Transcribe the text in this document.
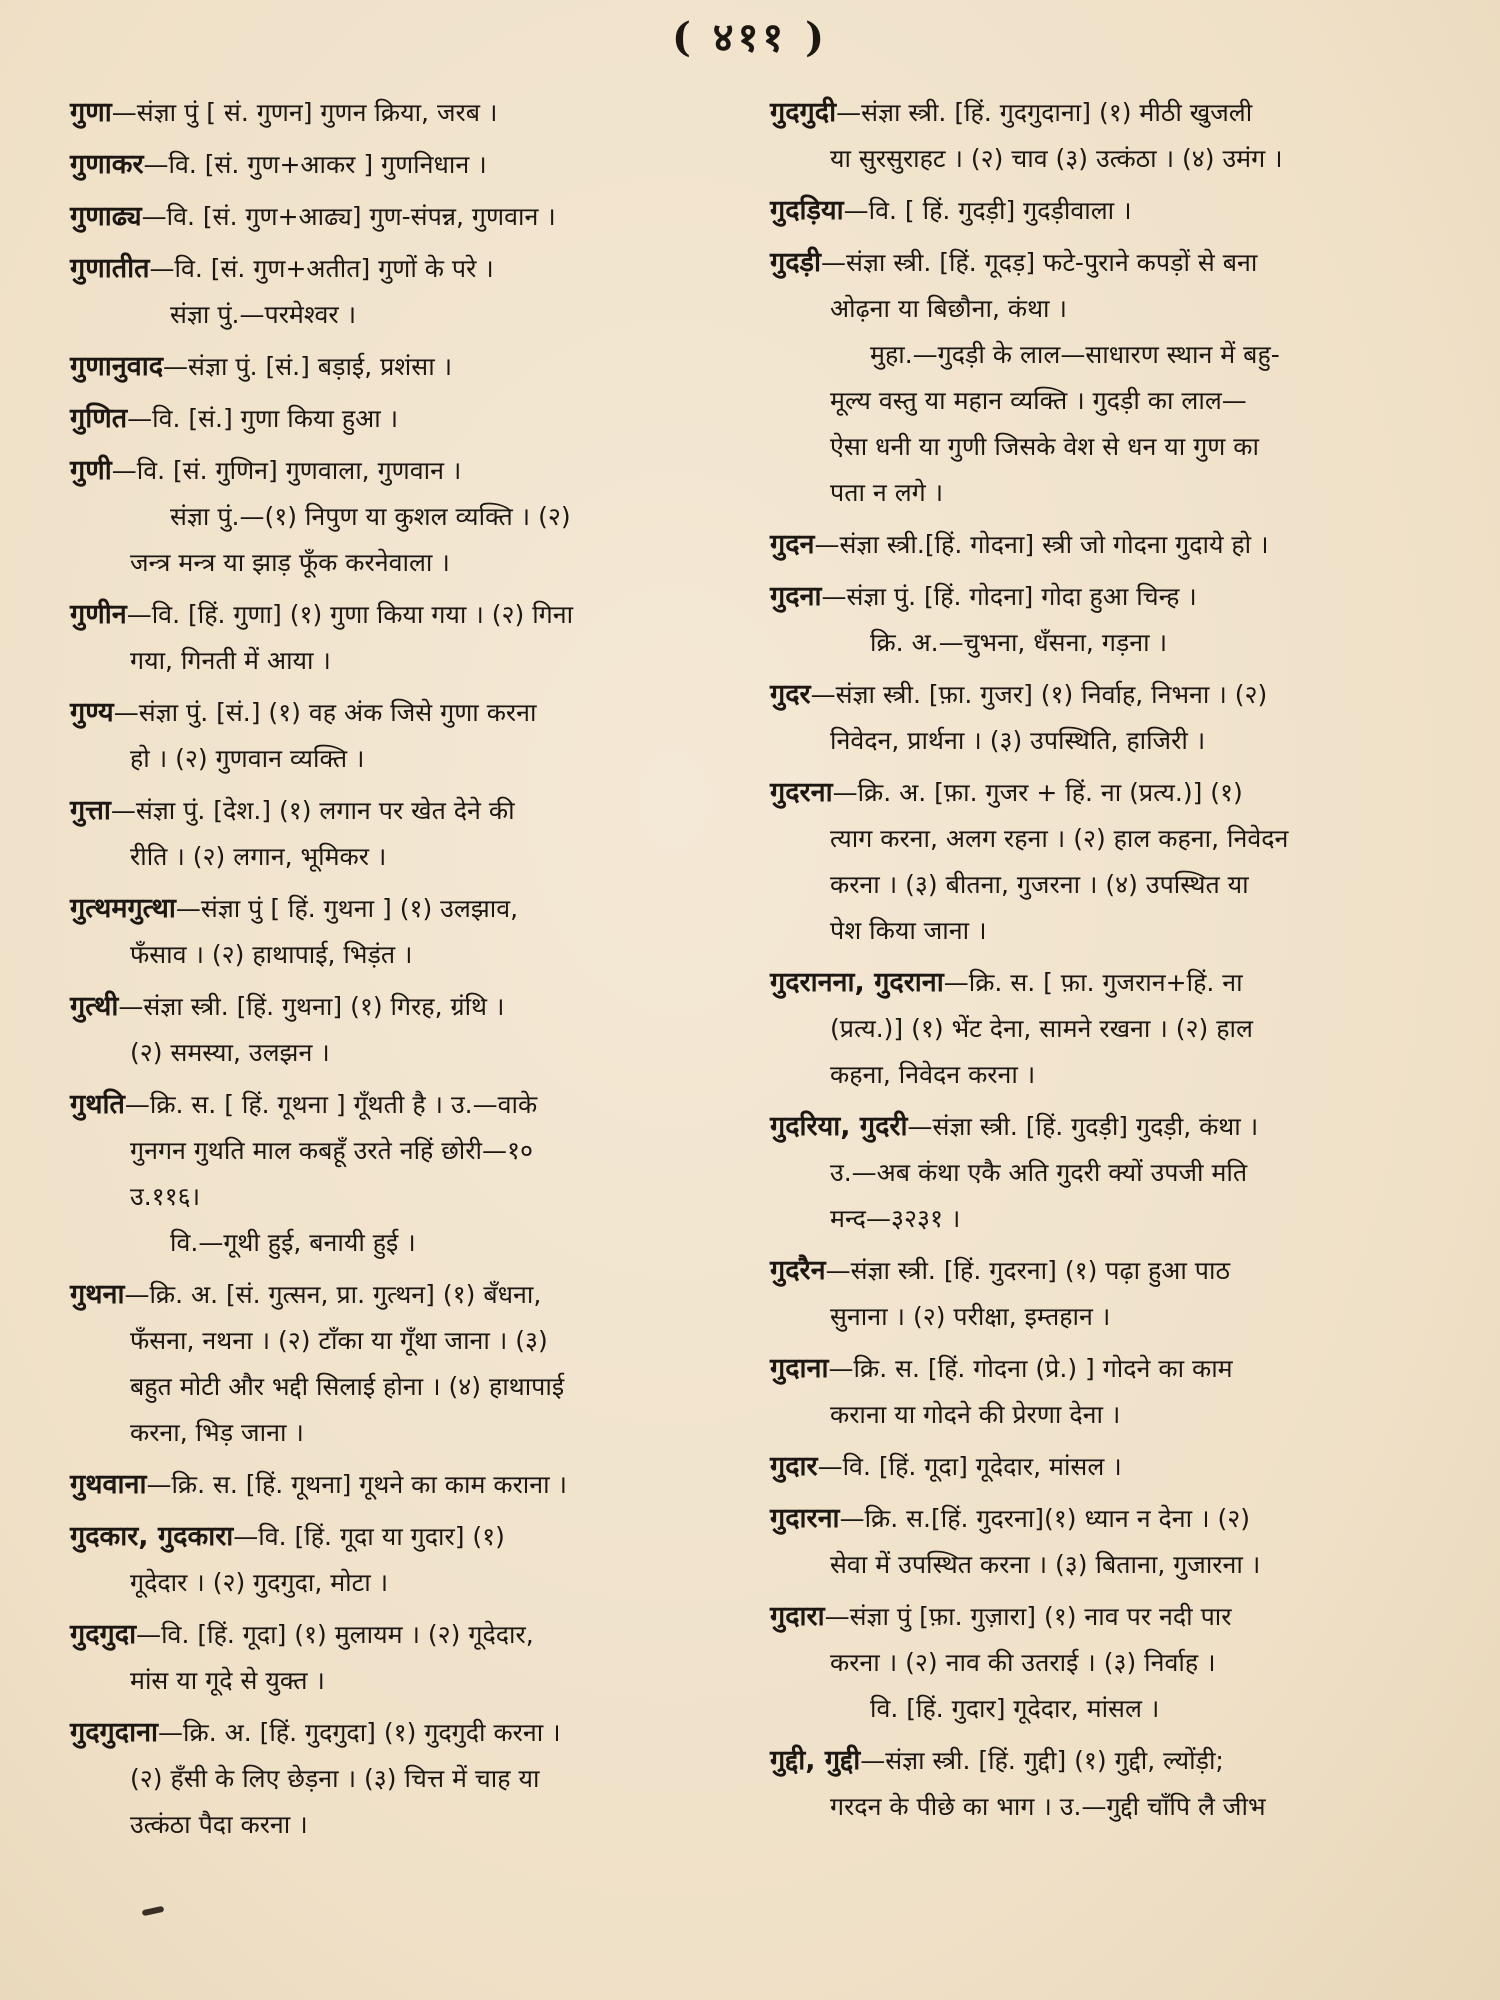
( ४११ )

गुणा—संज्ञा पुं [ सं. गुणन] गुणन क्रिया, जरब ।

गुणाकर—वि. [सं. गुण+आकर ] गुणनिधान ।

गुणाढ्य—वि. [सं. गुण+आढ्य] गुण-संपन्न, गुणवान ।

गुणातीत—वि. [सं. गुण+अतीत] गुणों के परे ।

संज्ञा पुं.—परमेश्वर ।

गुणानुवाद—संज्ञा पुं. [सं.] बड़ाई, प्रशंसा ।

गुणित—वि. [सं.] गुणा किया हुआ ।

गुणी—वि. [सं. गुणिन] गुणवाला, गुणवान ।

संज्ञा पुं.—(१) निपुण या कुशल व्यक्ति । (२)

जन्त्र मन्त्र या झाड़ फूँक करनेवाला ।

गुणीन—वि. [हिं. गुणा] (१) गुणा किया गया । (२) गिना

गया, गिनती में आया ।

गुण्य—संज्ञा पुं. [सं.] (१) वह अंक जिसे गुणा करना

हो । (२) गुणवान व्यक्ति ।

गुत्ता—संज्ञा पुं. [देश.] (१) लगान पर खेत देने की

रीति । (२) लगान, भूमिकर ।

गुत्थमगुत्था—संज्ञा पुं [ हिं. गुथना ] (१) उलझाव,

फँसाव । (२) हाथापाई, भिड़ंत ।

गुत्थी—संज्ञा स्त्री. [हिं. गुथना] (१) गिरह, ग्रंथि ।

(२) समस्या, उलझन ।

गुथति—क्रि. स. [ हिं. गूथना ] गूँथती है । उ.—वाके

गुनगन गुथति माल कबहूँ उरते नहिं छोरी—१०

उ.११६।

वि.—गूथी हुई, बनायी हुई ।

गुथना—क्रि. अ. [सं. गुत्सन, प्रा. गुत्थन] (१) बँधना,

फँसना, नथना । (२) टाँका या गूँथा जाना । (३)

बहुत मोटी और भद्दी सिलाई होना । (४) हाथापाई

करना, भिड़ जाना ।

गुथवाना—क्रि. स. [हिं. गूथना] गूथने का काम कराना ।

गुदकार, गुदकारा—वि. [हिं. गूदा या गुदार] (१)

गूदेदार । (२) गुदगुदा, मोटा ।

गुदगुदा—वि. [हिं. गूदा] (१) मुलायम । (२) गूदेदार,

मांस या गूदे से युक्त ।

गुदगुदाना—क्रि. अ. [हिं. गुदगुदा] (१) गुदगुदी करना ।

(२) हँसी के लिए छेड़ना । (३) चित्त में चाह या

उत्कंठा पैदा करना ।

गुदगुदी—संज्ञा स्त्री. [हिं. गुदगुदाना] (१) मीठी खुजली

या सुरसुराहट । (२) चाव (३) उत्कंठा । (४) उमंग ।

गुदड़िया—वि. [ हिं. गुदड़ी] गुदड़ीवाला ।

गुदड़ी—संज्ञा स्त्री. [हिं. गूदड़] फटे-पुराने कपड़ों से बना

ओढ़ना या बिछौना, कंथा ।

मुहा.—गुदड़ी के लाल—साधारण स्थान में बहु-

मूल्य वस्तु या महान व्यक्ति । गुदड़ी का लाल—

ऐसा धनी या गुणी जिसके वेश से धन या गुण का

पता न लगे ।

गुदन—संज्ञा स्त्री.[हिं. गोदना] स्त्री जो गोदना गुदाये हो ।

गुदना—संज्ञा पुं. [हिं. गोदना] गोदा हुआ चिन्ह ।

क्रि. अ.—चुभना, धँसना, गड़ना ।

गुदर—संज्ञा स्त्री. [फ़ा. गुजर] (१) निर्वाह, निभना । (२)

निवेदन, प्रार्थना । (३) उपस्थिति, हाजिरी ।

गुदरना—क्रि. अ. [फ़ा. गुजर + हिं. ना (प्रत्य.)] (१)

त्याग करना, अलग रहना । (२) हाल कहना, निवेदन

करना । (३) बीतना, गुजरना । (४) उपस्थित या

पेश किया जाना ।

गुदरानना, गुदराना—क्रि. स. [ फ़ा. गुजरान+हिं. ना

(प्रत्य.)] (१) भेंट देना, सामने रखना । (२) हाल

कहना, निवेदन करना ।

गुदरिया, गुदरी—संज्ञा स्त्री. [हिं. गुदड़ी] गुदड़ी, कंथा ।

उ.—अब कंथा एकै अति गुदरी क्यों उपजी मति

मन्द—३२३१ ।

गुदरैन—संज्ञा स्त्री. [हिं. गुदरना] (१) पढ़ा हुआ पाठ

सुनाना । (२) परीक्षा, इम्तहान ।

गुदाना—क्रि. स. [हिं. गोदना (प्रे.) ] गोदने का काम

कराना या गोदने की प्रेरणा देना ।

गुदार—वि. [हिं. गूदा] गूदेदार, मांसल ।

गुदारना—क्रि. स.[हिं. गुदरना](१) ध्यान न देना । (२)

सेवा में उपस्थित करना । (३) बिताना, गुजारना ।

गुदारा—संज्ञा पुं [फ़ा. गुज़ारा] (१) नाव पर नदी पार

करना । (२) नाव की उतराई । (३) निर्वाह ।

वि. [हिं. गुदार] गूदेदार, मांसल ।

गुद्दी, गुद्दी—संज्ञा स्त्री. [हिं. गुद्दी] (१) गुद्दी, ल्योंड़ी;

गरदन के पीछे का भाग । उ.—गुद्दी चाँपि लै जीभ
